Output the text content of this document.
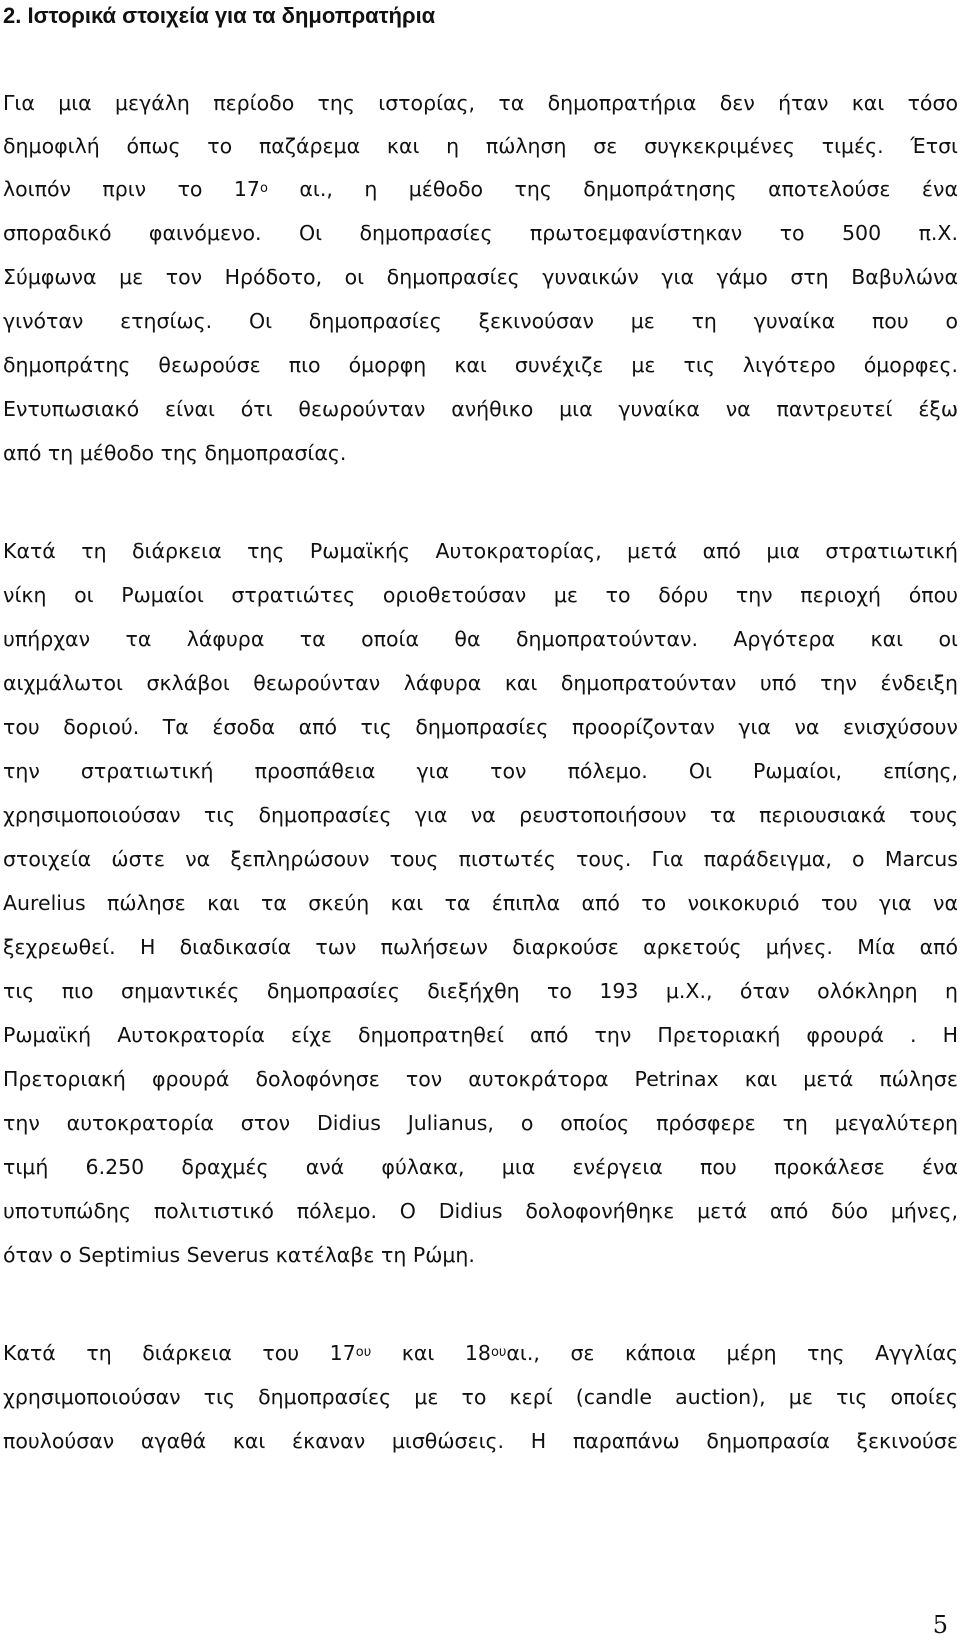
2. Ιστορικά στοιχεία για τα δημοπρατήρια

Για μια μεγάλη περίοδο της ιστορίας, τα δημοπρατήρια δεν ήταν και τόσο

δημοφιλή όπως το παζάρεμα και η πώληση σε συγκεκριμένες τιμές. Έτσι

λοιπόν πριν το $17^o$ αι., η μέθοδο της δημοπράτησης αποτελούσε ένα

σποραδικό φαινόμενο. Οι δημοπρασίες πρωτοεμφανίστηκαν το 500 π.Χ.

Σύμφωνα με τον Ηρόδοτο, οι δημοπρασίες γυναικών για γάμο στη Βαβυλώνα

γινόταν ετησίως. Οι δημοπρασίες ξεκινούσαν με τη γυναίκα που ο

δημοπράτης θεωρούσε πιο όμορφη και συνέχιζε με τις λιγότερο όμορφες.

Εντυπωσιακό είναι ότι θεωρούνταν ανήθικο μια γυναίκα να παντρευτεί έξω

από τη μέθοδο της δημοπρασίας.

Κατά τη διάρκεια της Ρωμαϊκής Αυτοκρατορίας, μετά από μια στρατιωτική

νίκη οι Ρωμαίοι στρατιώτες οριοθετούσαν με το δόρυ την περιοχή όπου

υπήρχαν τα λάφυρα τα οποία θα δημοπρατούνταν. Αργότερα και οι

αιχμάλωτοι σκλάβοι θεωρούνταν λάφυρα και δημοπρατούνταν υπό την ένδειξη

του δοριού. Τα έσοδα από τις δημοπρασίες προορίζονταν για να ενισχύσουν

την στρατιωτική προσπάθεια για τον πόλεμο. Οι Ρωμαίοι, επίσης,

χρησιμοποιούσαν τις δημοπρασίες για να ρευστοποιήσουν τα περιουσιακά τους

στοιχεία ώστε να ξεπληρώσουν τους πιστωτές τους. Για παράδειγμα, ο Marcus

Aurelius πώλησε και τα σκεύη και τα έπιπλα από το νοικοκυριό του για να

ξεχρεωθεί. Η διαδικασία των πωλήσεων διαρκούσε αρκετούς μήνες. Μία από

τις πιο σημαντικές δημοπρασίες διεξήχθη το 193 μ.Χ., όταν ολόκληρη η

Ρωμαϊκή Αυτοκρατορία είχε δημοπρατηθεί από την Πρετοριακή φρουρά . Η

Πρετοριακή φρουρά δολοφόνησε τον αυτοκράτορα Petrinax και μετά πώλησε

την αυτοκρατορία στον Didius Julianus, ο οποίος πρόσφερε τη μεγαλύτερη

τιμή 6.250 δραχμές ανά φύλακα, μια ενέργεια που προκάλεσε ένα

υποτυπώδης πολιτιστικό πόλεμο. Ο Didius δολοφονήθηκε μετά από δύο μήνες,

όταν ο Septimius Severus κατέλαβε τη Ρώμη.

Κατά τη διάρκεια του $17^{o\upsilon}$ και $18^{o\upsilon}\alpha\iota$., σε κάποια μέρη της Αγγλίας

χρησιμοποιούσαν τις δημοπρασίες με το κερί (candle auction), με τις οποίες

πουλούσαν αγαθά και έκαναν μισθώσεις. Η παραπάνω δημοπρασία ξεκινούσε

5
